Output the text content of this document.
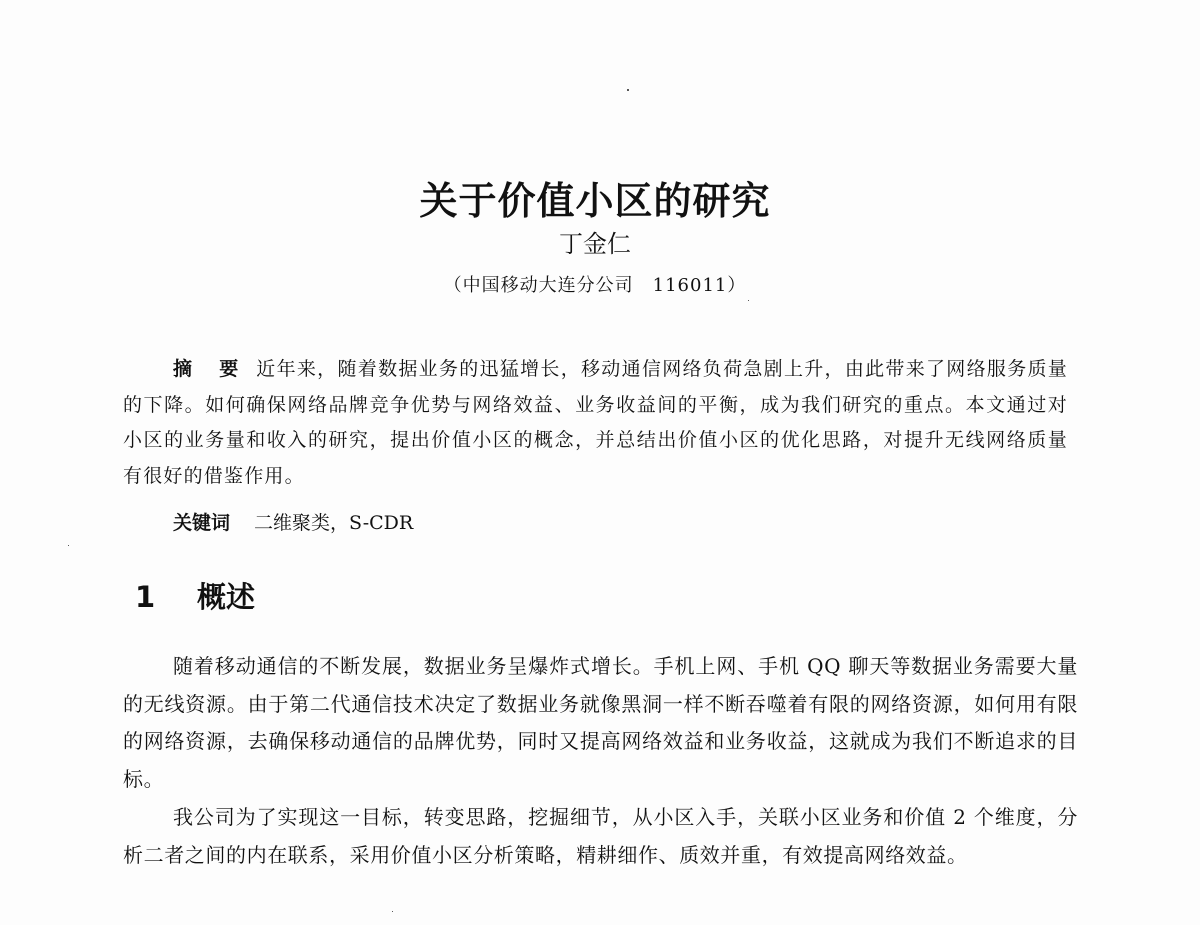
关于价值小区的研究
丁金仁
（中国移动大连分公司　116011）
摘　要 近年来，随着数据业务的迅猛增长，移动通信网络负荷急剧上升，由此带来了网络服务质量的下降。如何确保网络品牌竞争优势与网络效益、业务收益间的平衡，成为我们研究的重点。本文通过对小区的业务量和收入的研究，提出价值小区的概念，并总结出价值小区的优化思路，对提升无线网络质量有很好的借鉴作用。
关键词 二维聚类，S-CDR
1 概述

随着移动通信的不断发展，数据业务呈爆炸式增长。手机上网、手机 QQ 聊天等数据业务需要大量的无线资源。由于第二代通信技术决定了数据业务就像黑洞一样不断吞噬着有限的网络资源，如何用有限的网络资源，去确保移动通信的品牌优势，同时又提高网络效益和业务收益，这就成为我们不断追求的目标。

我公司为了实现这一目标，转变思路，挖掘细节，从小区入手，关联小区业务和价值 2 个维度，分析二者之间的内在联系，采用价值小区分析策略，精耕细作、质效并重，有效提高网络效益。
